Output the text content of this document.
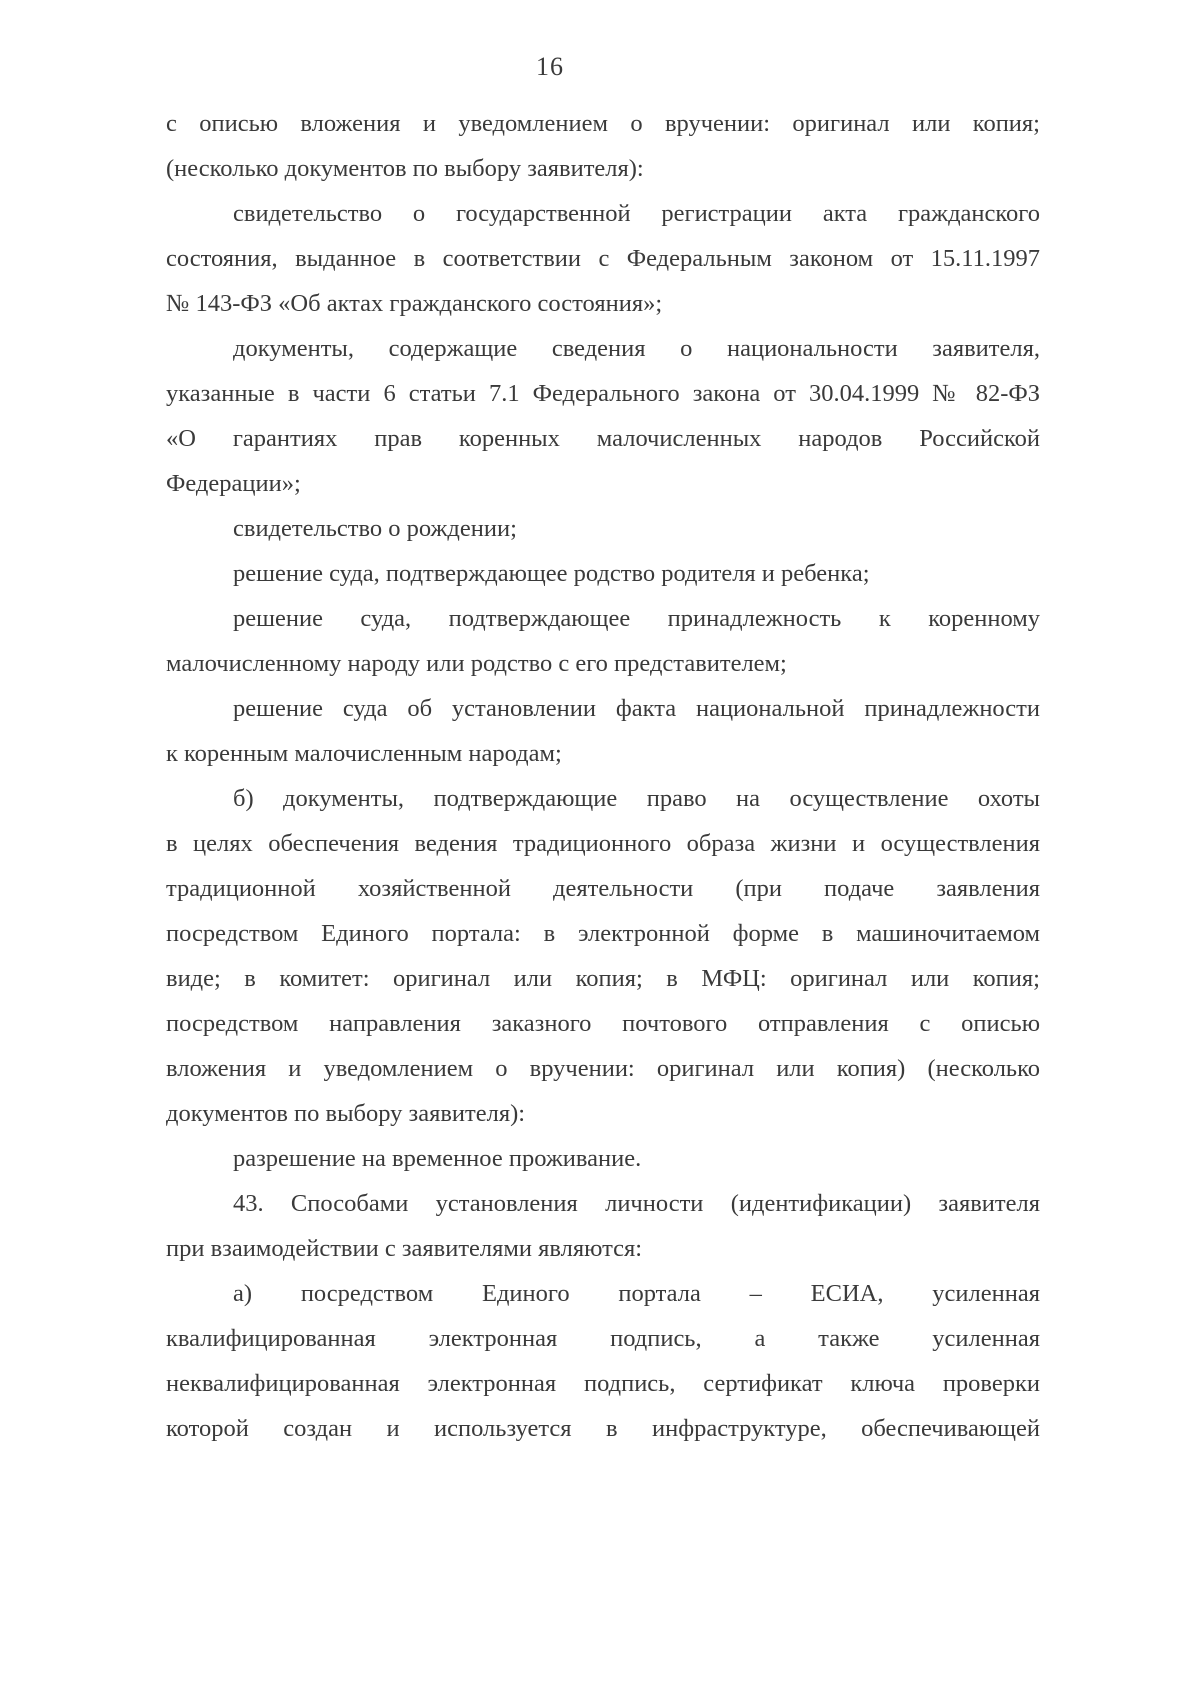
16
с описью вложения и уведомлением о вручении: оригинал или копия;
(несколько документов по выбору заявителя):
свидетельство о государственной регистрации акта гражданского
состояния, выданное в соответствии с Федеральным законом от 15.11.1997
№ 143-ФЗ «Об актах гражданского состояния»;
документы, содержащие сведения о национальности заявителя,
указанные в части 6 статьи 7.1 Федерального закона от 30.04.1999 № 82-ФЗ
«О гарантиях прав коренных малочисленных народов Российской
Федерации»;
свидетельство о рождении;
решение суда, подтверждающее родство родителя и ребенка;
решение суда, подтверждающее принадлежность к коренному
малочисленному народу или родство с его представителем;
решение суда об установлении факта национальной принадлежности
к коренным малочисленным народам;
б) документы, подтверждающие право на осуществление охоты
в целях обеспечения ведения традиционного образа жизни и осуществления
традиционной хозяйственной деятельности (при подаче заявления
посредством Единого портала: в электронной форме в машиночитаемом
виде; в комитет: оригинал или копия; в МФЦ: оригинал или копия;
посредством направления заказного почтового отправления с описью
вложения и уведомлением о вручении: оригинал или копия) (несколько
документов по выбору заявителя):
разрешение на временное проживание.
43. Способами установления личности (идентификации) заявителя
при взаимодействии с заявителями являются:
а) посредством Единого портала – ЕСИА, усиленная
квалифицированная электронная подпись, а также усиленная
неквалифицированная электронная подпись, сертификат ключа проверки
которой создан и используется в инфраструктуре, обеспечивающей
